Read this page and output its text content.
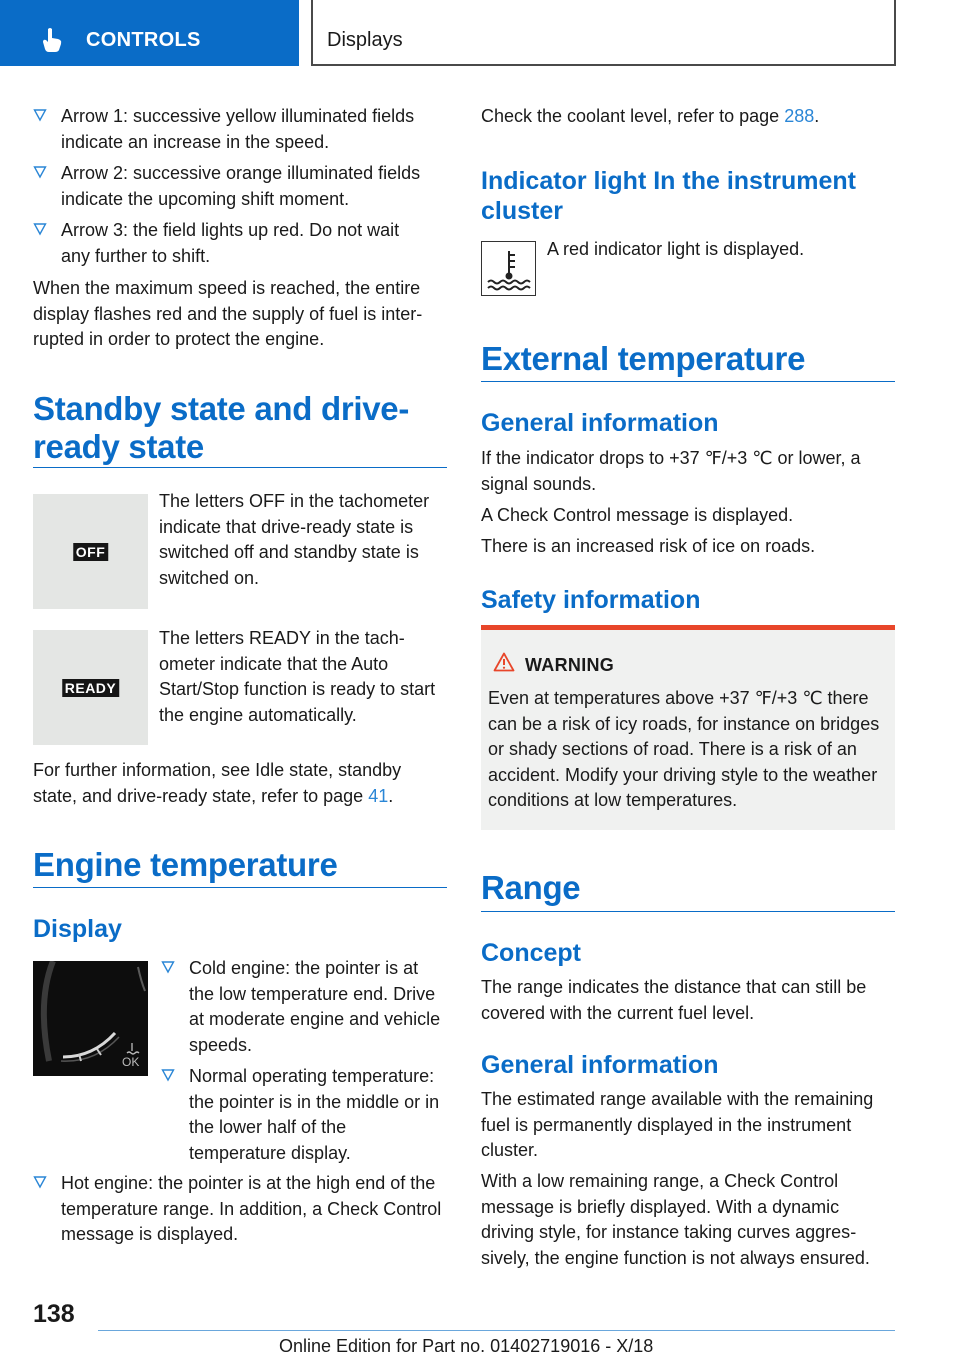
CONTROLS	Displays
Arrow 1: successive yellow illuminated fields indicate an increase in the speed.
Arrow 2: successive orange illuminated fields indicate the upcoming shift moment.
Arrow 3: the field lights up red. Do not wait any further to shift.
When the maximum speed is reached, the entire display flashes red and the supply of fuel is interrupted in order to protect the engine.
Standby state and drive-ready state
OFF
The letters OFF in the tachometer indicate that drive-ready state is switched off and standby state is switched on.
READY
The letters READY in the tachometer indicate that the Auto Start/Stop function is ready to start the engine automatically.
For further information, see Idle state, standby state, and drive-ready state, refer to page 41.
Engine temperature
Display
OK
Cold engine: the pointer is at the low temperature end. Drive at moderate engine and vehicle speeds.
Normal operating temperature: the pointer is in the middle or in the lower half of the temperature display.
Hot engine: the pointer is at the high end of the temperature range. In addition, a Check Control message is displayed.
Check the coolant level, refer to page 288.
Indicator light In the instrument cluster
A red indicator light is displayed.
External temperature
General information
If the indicator drops to +37 ℉/+3 ℃ or lower, a signal sounds.
A Check Control message is displayed.
There is an increased risk of ice on roads.
Safety information
WARNING
Even at temperatures above +37 ℉/+3 ℃ there can be a risk of icy roads, for instance on bridges or shady sections of road. There is a risk of an accident. Modify your driving style to the weather conditions at low temperatures.
Range
Concept
The range indicates the distance that can still be covered with the current fuel level.
General information
The estimated range available with the remaining fuel is permanently displayed in the instrument cluster.
With a low remaining range, a Check Control message is briefly displayed. With a dynamic driving style, for instance taking curves aggressively, the engine function is not always ensured.
138
Online Edition for Part no. 01402719016 - X/18
